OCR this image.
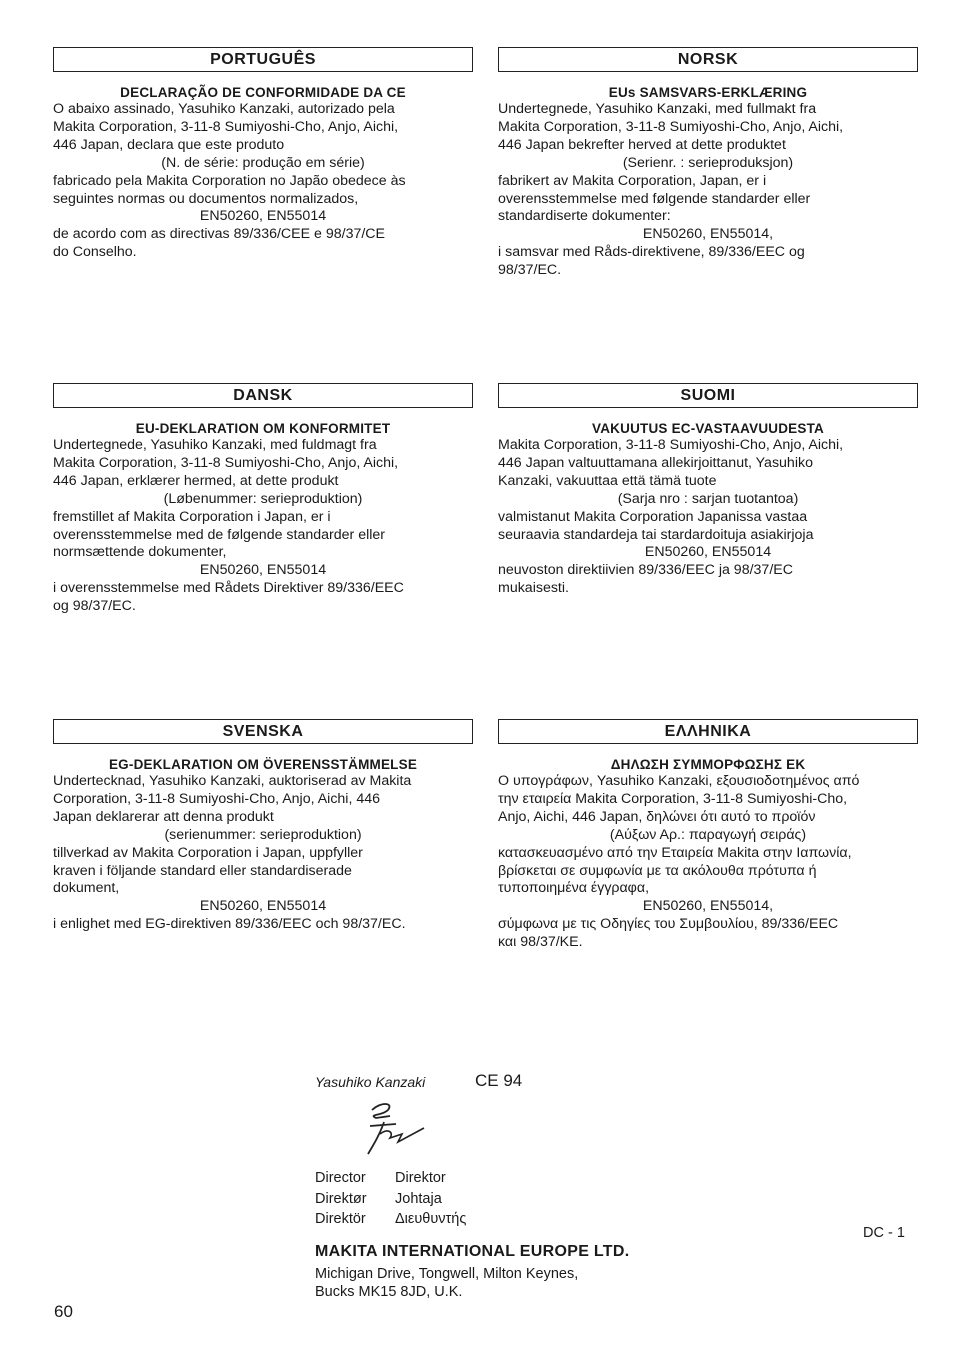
PORTUGUÊS
DECLARAÇÃO DE CONFORMIDADE DA CE
O abaixo assinado, Yasuhiko Kanzaki, autorizado pela
Makita Corporation, 3-11-8 Sumiyoshi-Cho, Anjo, Aichi,
446 Japan, declara que este produto
(N. de série: produção em série)
fabricado pela Makita Corporation no Japão obedece às
seguintes normas ou documentos normalizados,
EN50260, EN55014
de acordo com as directivas 89/336/CEE e 98/37/CE
do Conselho.
NORSK
EUs SAMSVARS-ERKLÆRING
Undertegnede, Yasuhiko Kanzaki, med fullmakt fra
Makita Corporation, 3-11-8 Sumiyoshi-Cho, Anjo, Aichi,
446 Japan bekrefter herved at dette produktet
(Serienr. : serieproduksjon)
fabrikert av Makita Corporation, Japan, er i
overensstemmelse med følgende standarder eller
standardiserte dokumenter:
EN50260, EN55014,
i samsvar med Råds-direktivene, 89/336/EEC og
98/37/EC.
DANSK
EU-DEKLARATION OM KONFORMITET
Undertegnede, Yasuhiko Kanzaki, med fuldmagt fra
Makita Corporation, 3-11-8 Sumiyoshi-Cho, Anjo, Aichi,
446 Japan, erklærer hermed, at dette produkt
(Løbenummer: serieproduktion)
fremstillet af Makita Corporation i Japan, er i
overensstemmelse med de følgende standarder eller
normsættende dokumenter,
EN50260, EN55014
i overensstemmelse med Rådets Direktiver 89/336/EEC
og 98/37/EC.
SUOMI
VAKUUTUS EC-VASTAAVUUDESTA
Makita Corporation, 3-11-8 Sumiyoshi-Cho, Anjo, Aichi,
446 Japan valtuuttamana allekirjoittanut, Yasuhiko
Kanzaki, vakuuttaa että tämä tuote
(Sarja nro : sarjan tuotantoa)
valmistanut Makita Corporation Japanissa vastaa
seuraavia standardeja tai stardardoituja asiakirjoja
EN50260, EN55014
neuvoston direktiivien 89/336/EEC ja 98/37/EC
mukaisesti.
SVENSKA
EG-DEKLARATION OM ÖVERENSSTÄMMELSE
Undertecknad, Yasuhiko Kanzaki, auktoriserad av Makita
Corporation, 3-11-8 Sumiyoshi-Cho, Anjo, Aichi, 446
Japan deklarerar att denna produkt
(serienummer: serieproduktion)
tillverkad av Makita Corporation i Japan, uppfyller
kraven i följande standard eller standardiserade
dokument,
EN50260, EN55014
i enlighet med EG-direktiven 89/336/EEC och 98/37/EC.
ΕΛΛΗΝΙΚΑ
ΔΗΛΩΣΗ ΣΥΜΜΟΡΦΩΣΗΣ ΕΚ
Ο υπογράφων, Yasuhiko Kanzaki, εξουσιοδοτημένος από
την εταιρεία Makita Corporation, 3-11-8 Sumiyoshi-Cho,
Anjo, Aichi, 446 Japan, δηλώνει ότι αυτό το προϊόν
(Αύξων Αρ.: παραγωγή σειράς)
κατασκευασμένο από την Εταιρεία Makita στην Ιαπωνία,
βρίσκεται σε συμφωνία με τα ακόλουθα πρότυπα ή
τυποποιημένα έγγραφα,
EN50260, EN55014,
σύμφωνα με τις Οδηγίες του Συμβουλίου, 89/336/EEC
και 98/37/ΚΕ.
Yasuhiko Kanzaki	CE 94
Director	Direktor
Direktør	Johtaja
Direktör	Διευθυντής
DC - 1
MAKITA INTERNATIONAL EUROPE LTD.
Michigan Drive, Tongwell, Milton Keynes,
Bucks MK15 8JD, U.K.
60
